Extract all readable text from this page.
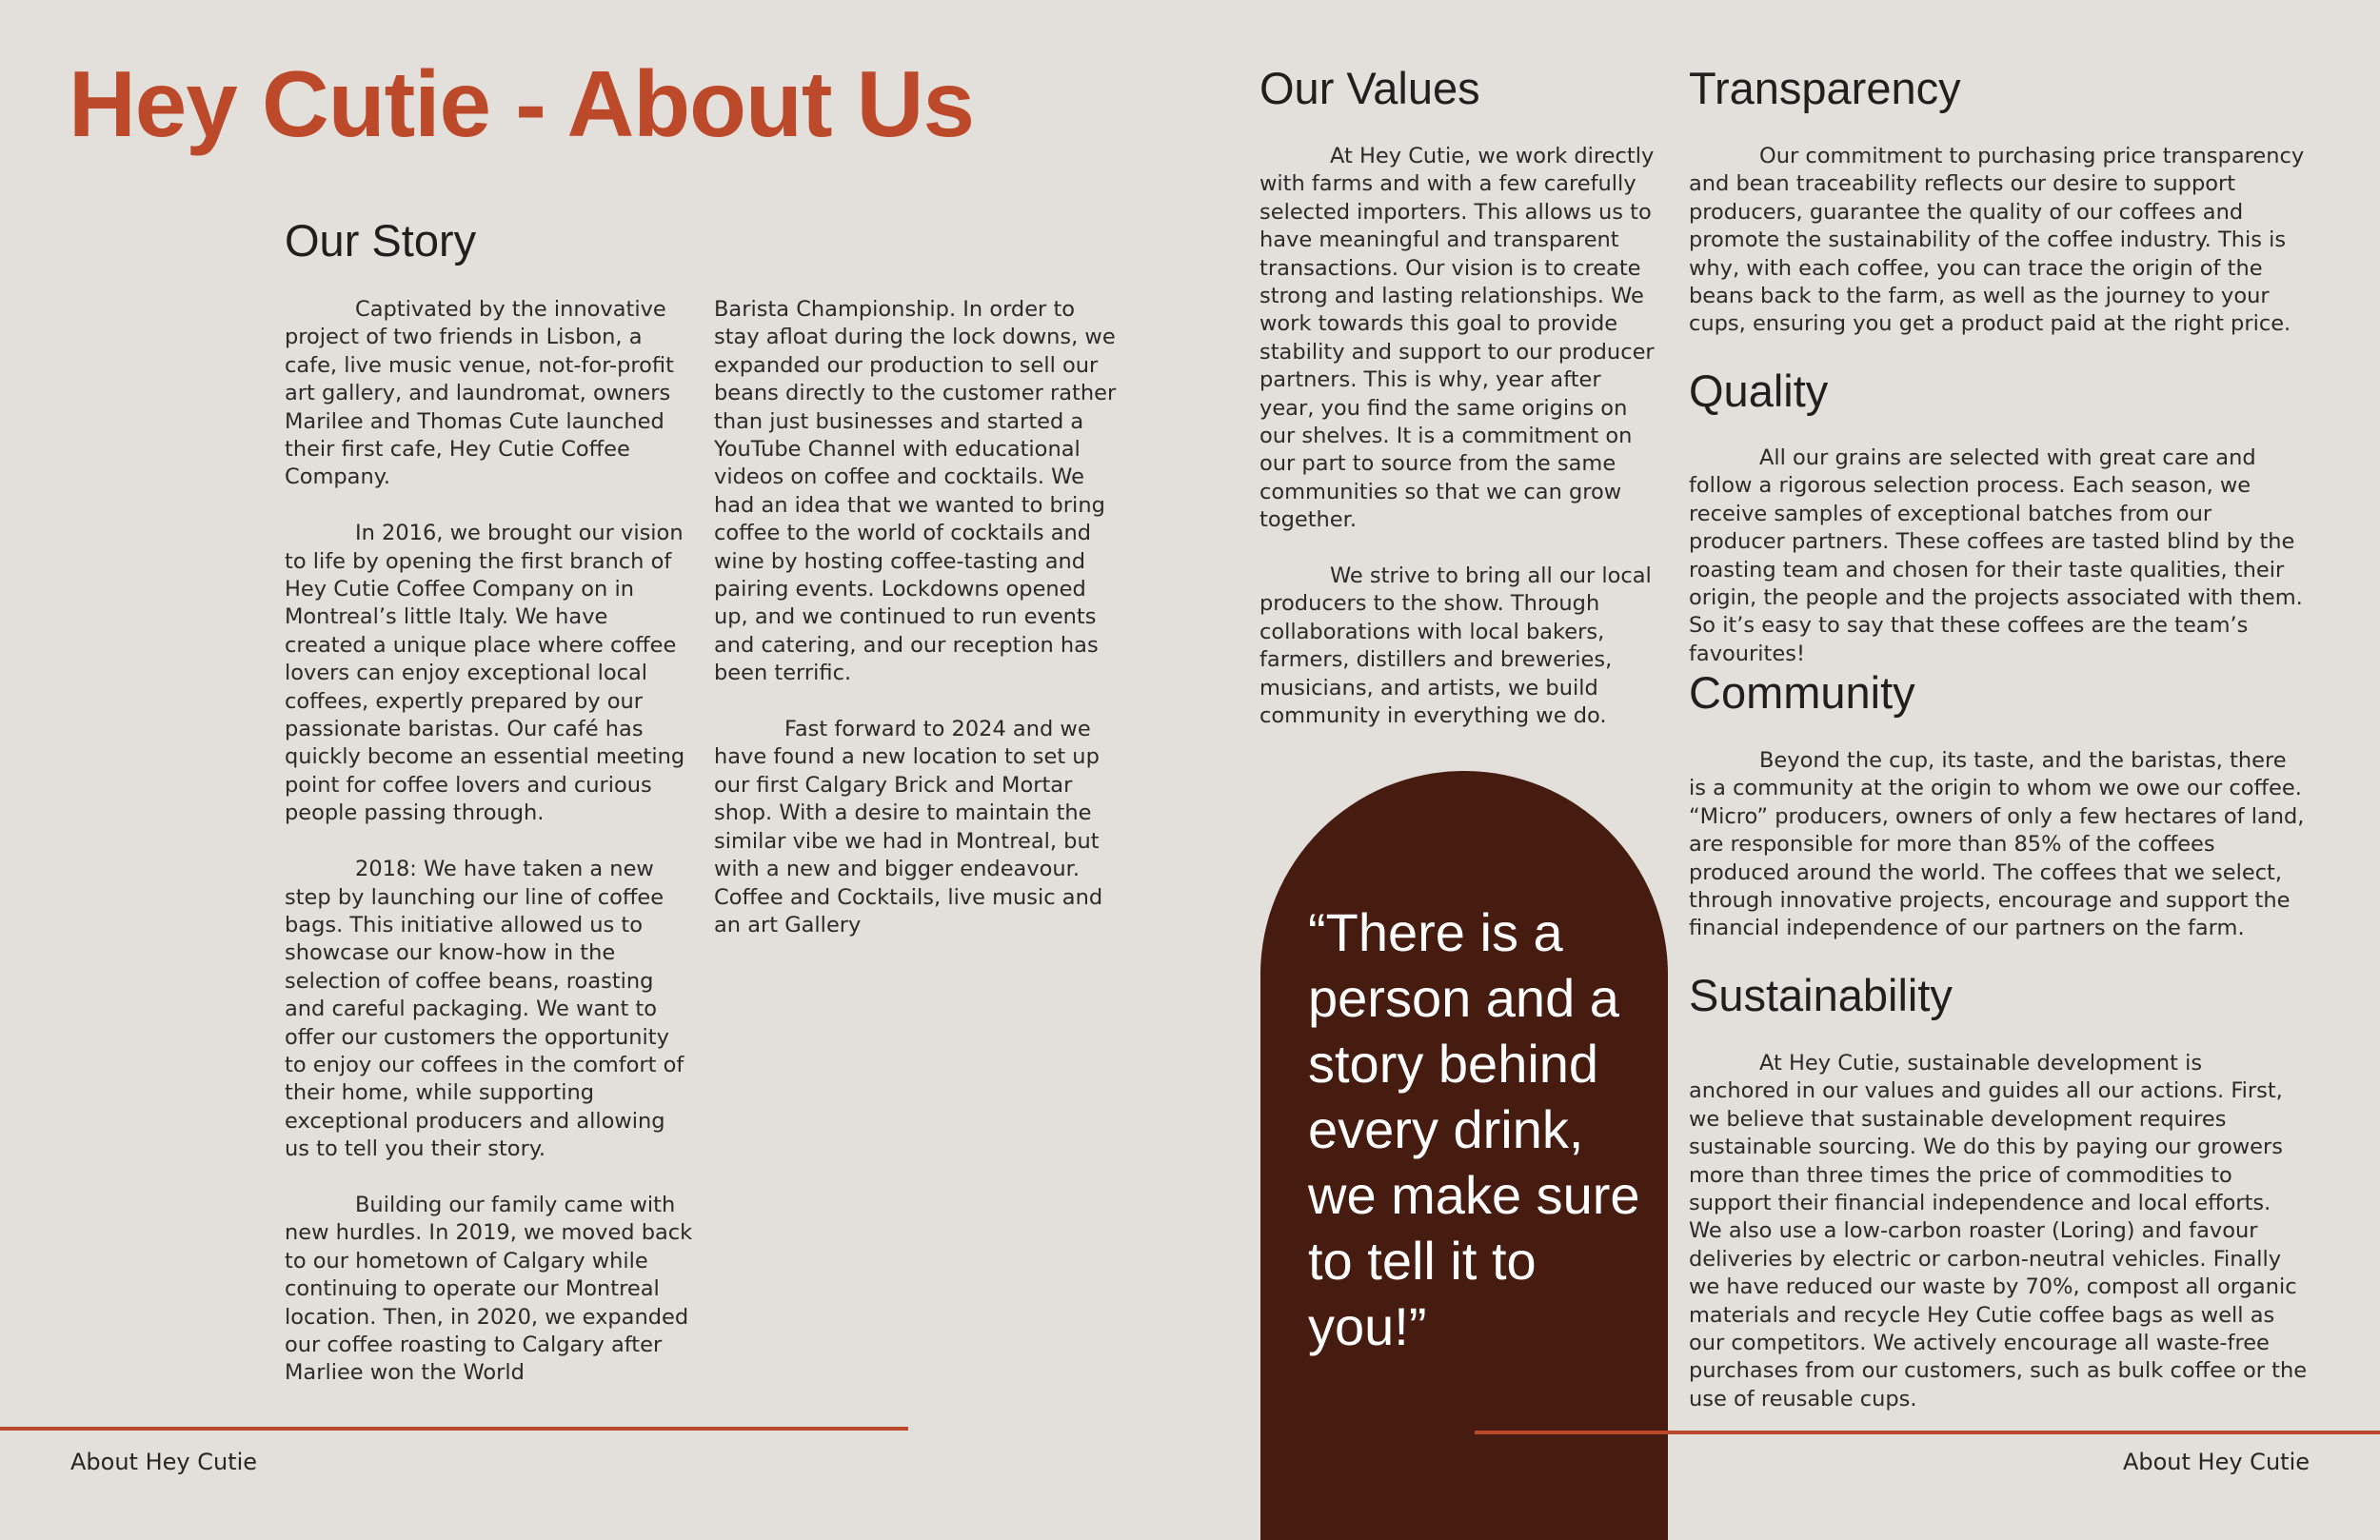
Hey Cutie - About Us
Our Story

Captivated by the innovative project of two friends in Lisbon, a cafe, live music venue, not-for-profit art gallery, and laundromat, owners Marilee and Thomas Cute launched their first cafe, Hey Cutie Coffee Company.

In 2016, we brought our vision to life by opening the first branch of Hey Cutie Coffee Company on in Montreal’s little Italy. We have created a unique place where coffee lovers can enjoy exceptional local coffees, expertly prepared by our passionate baristas. Our café has quickly become an essential meeting point for coffee lovers and curious people passing through.

2018: We have taken a new step by launching our line of coffee bags. This initiative allowed us to showcase our know-how in the selection of coffee beans, roasting and careful packaging. We want to offer our customers the opportunity to enjoy our coffees in the comfort of their home, while supporting exceptional producers and allowing us to tell you their story.

Building our family came with new hurdles. In 2019, we moved back to our hometown of Calgary while continuing to operate our Montreal location. Then, in 2020, we expanded our coffee roasting to Calgary after Marliee won the World

Barista Championship. In order to stay afloat during the lock downs, we expanded our production to sell our beans directly to the customer rather than just businesses and started a YouTube Channel with educational videos on coffee and cocktails. We had an idea that we wanted to bring coffee to the world of cocktails and wine by hosting coffee-tasting and pairing events. Lockdowns opened up, and we continued to run events and catering, and our reception has been terrific.

Fast forward to 2024 and we have found a new location to set up our first Calgary Brick and Mortar shop. With a desire to maintain the similar vibe we had in Montreal, but with a new and bigger endeavour. Coffee and Cocktails, live music and an art Gallery

About Hey Cutie
Our Values

At Hey Cutie, we work directly with farms and with a few carefully selected importers. This allows us to have meaningful and transparent transactions. Our vision is to create strong and lasting relationships. We work towards this goal to provide stability and support to our producer partners. This is why, year after year, you find the same origins on our shelves. It is a commitment on our part to source from the same communities so that we can grow together.

We strive to bring all our local producers to the show. Through collaborations with local bakers, farmers, distillers and breweries, musicians, and artists, we build community in everything we do.

“There is a person and a story behind every drink, we make sure to tell it to you!”

Transparency

Our commitment to purchasing price transparency and bean traceability reflects our desire to support producers, guarantee the quality of our coffees and promote the sustainability of the coffee industry. This is why, with each coffee, you can trace the origin of the beans back to the farm, as well as the journey to your cups, ensuring you get a product paid at the right price.

Quality

All our grains are selected with great care and follow a rigorous selection process. Each season, we receive samples of exceptional batches from our producer partners. These coffees are tasted blind by the roasting team and chosen for their taste qualities, their origin, the people and the projects associated with them. So it’s easy to say that these coffees are the team’s favourites!

Community

Beyond the cup, its taste, and the baristas, there is a community at the origin to whom we owe our coffee. “Micro” producers, owners of only a few hectares of land, are responsible for more than 85% of the coffees produced around the world. The coffees that we select, through innovative projects, encourage and support the financial independence of our partners on the farm.

Sustainability

At Hey Cutie, sustainable development is anchored in our values and guides all our actions. First, we believe that sustainable development requires sustainable sourcing. We do this by paying our growers more than three times the price of commodities to support their financial independence and local efforts. We also use a low-carbon roaster (Loring) and favour deliveries by electric or carbon-neutral vehicles. Finally we have reduced our waste by 70%, compost all organic materials and recycle Hey Cutie coffee bags as well as our competitors. We actively encourage all waste-free purchases from our customers, such as bulk coffee or the use of reusable cups.

About Hey Cutie
